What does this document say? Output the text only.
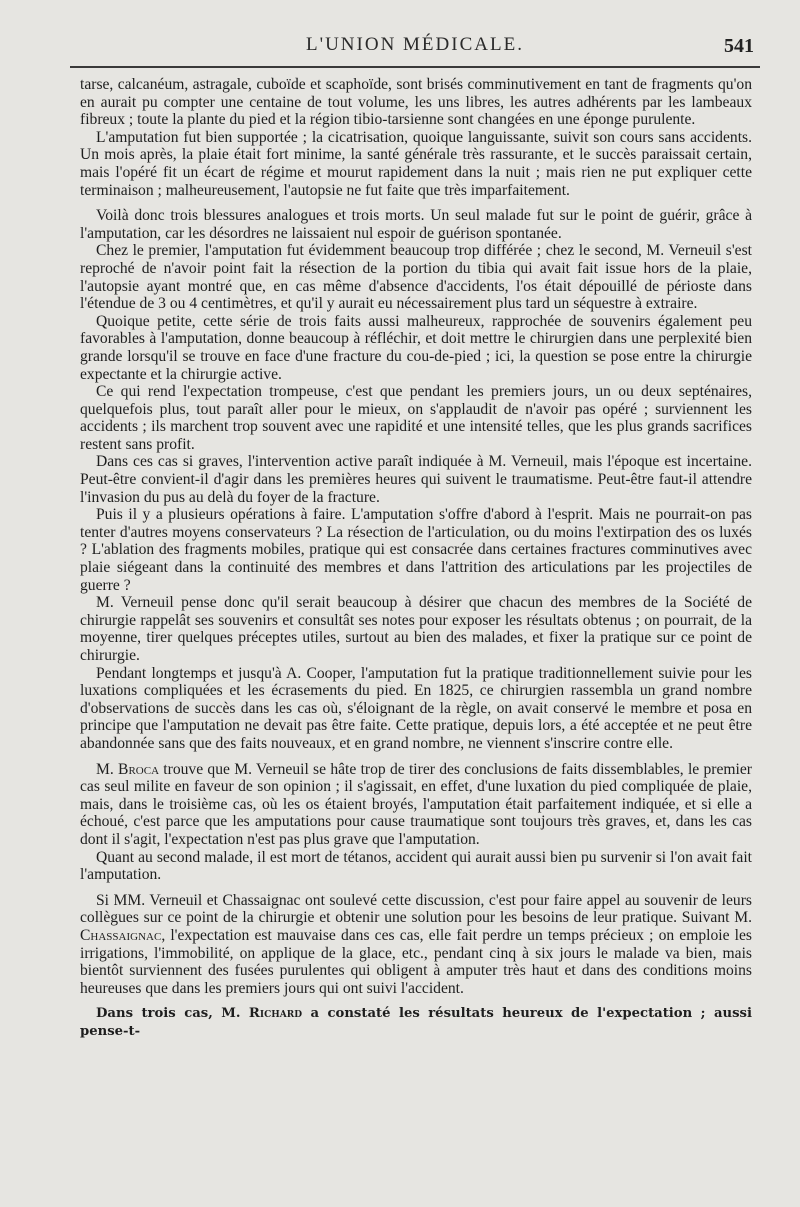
L'UNION MÉDICALE.	541

tarse, calcanéum, astragale, cuboïde et scaphoïde, sont brisés comminutivement en tant de fragments qu'on en aurait pu compter une centaine de tout volume, les uns libres, les autres adhérents par les lambeaux fibreux ; toute la plante du pied et la région tibio-tarsienne sont changées en une éponge purulente.

L'amputation fut bien supportée ; la cicatrisation, quoique languissante, suivit son cours sans accidents. Un mois après, la plaie était fort minime, la santé générale très rassurante, et le succès paraissait certain, mais l'opéré fit un écart de régime et mourut rapidement dans la nuit ; mais rien ne put expliquer cette terminaison ; malheureusement, l'autopsie ne fut faite que très imparfaitement.

Voilà donc trois blessures analogues et trois morts. Un seul malade fut sur le point de guérir, grâce à l'amputation, car les désordres ne laissaient nul espoir de guérison spontanée.

Chez le premier, l'amputation fut évidemment beaucoup trop différée ; chez le second, M. Verneuil s'est reproché de n'avoir point fait la résection de la portion du tibia qui avait fait issue hors de la plaie, l'autopsie ayant montré que, en cas même d'absence d'accidents, l'os était dépouillé de périoste dans l'étendue de 3 ou 4 centimètres, et qu'il y aurait eu nécessairement plus tard un séquestre à extraire.

Quoique petite, cette série de trois faits aussi malheureux, rapprochée de souvenirs également peu favorables à l'amputation, donne beaucoup à réfléchir, et doit mettre le chirurgien dans une perplexité bien grande lorsqu'il se trouve en face d'une fracture du cou-de-pied ; ici, la question se pose entre la chirurgie expectante et la chirurgie active.

Ce qui rend l'expectation trompeuse, c'est que pendant les premiers jours, un ou deux septénaires, quelquefois plus, tout paraît aller pour le mieux, on s'applaudit de n'avoir pas opéré ; surviennent les accidents ; ils marchent trop souvent avec une rapidité et une intensité telles, que les plus grands sacrifices restent sans profit.

Dans ces cas si graves, l'intervention active paraît indiquée à M. Verneuil, mais l'époque est incertaine. Peut-être convient-il d'agir dans les premières heures qui suivent le traumatisme. Peut-être faut-il attendre l'invasion du pus au delà du foyer de la fracture.

Puis il y a plusieurs opérations à faire. L'amputation s'offre d'abord à l'esprit. Mais ne pourrait-on pas tenter d'autres moyens conservateurs ? La résection de l'articulation, ou du moins l'extirpation des os luxés ? L'ablation des fragments mobiles, pratique qui est consacrée dans certaines fractures comminutives avec plaie siégeant dans la continuité des membres et dans l'attrition des articulations par les projectiles de guerre ?

M. Verneuil pense donc qu'il serait beaucoup à désirer que chacun des membres de la Société de chirurgie rappelât ses souvenirs et consultât ses notes pour exposer les résultats obtenus ; on pourrait, de la moyenne, tirer quelques préceptes utiles, surtout au bien des malades, et fixer la pratique sur ce point de chirurgie.

Pendant longtemps et jusqu'à A. Cooper, l'amputation fut la pratique traditionnellement suivie pour les luxations compliquées et les écrasements du pied. En 1825, ce chirurgien rassembla un grand nombre d'observations de succès dans les cas où, s'éloignant de la règle, on avait conservé le membre et posa en principe que l'amputation ne devait pas être faite. Cette pratique, depuis lors, a été acceptée et ne peut être abandonnée sans que des faits nouveaux, et en grand nombre, ne viennent s'inscrire contre elle.

M. Broca trouve que M. Verneuil se hâte trop de tirer des conclusions de faits dissemblables, le premier cas seul milite en faveur de son opinion ; il s'agissait, en effet, d'une luxation du pied compliquée de plaie, mais, dans le troisième cas, où les os étaient broyés, l'amputation était parfaitement indiquée, et si elle a échoué, c'est parce que les amputations pour cause traumatique sont toujours très graves, et, dans les cas dont il s'agit, l'expectation n'est pas plus grave que l'amputation.

Quant au second malade, il est mort de tétanos, accident qui aurait aussi bien pu survenir si l'on avait fait l'amputation.

Si MM. Verneuil et Chassaignac ont soulevé cette discussion, c'est pour faire appel au souvenir de leurs collègues sur ce point de la chirurgie et obtenir une solution pour les besoins de leur pratique. Suivant M. Chassaignac, l'expectation est mauvaise dans ces cas, elle fait perdre un temps précieux ; on emploie les irrigations, l'immobilité, on applique de la glace, etc., pendant cinq à six jours le malade va bien, mais bientôt surviennent des fusées purulentes qui obligent à amputer très haut et dans des conditions moins heureuses que dans les premiers jours qui ont suivi l'accident.

Dans trois cas, M. Richard a constaté les résultats heureux de l'expectation ; aussi pense-t-
